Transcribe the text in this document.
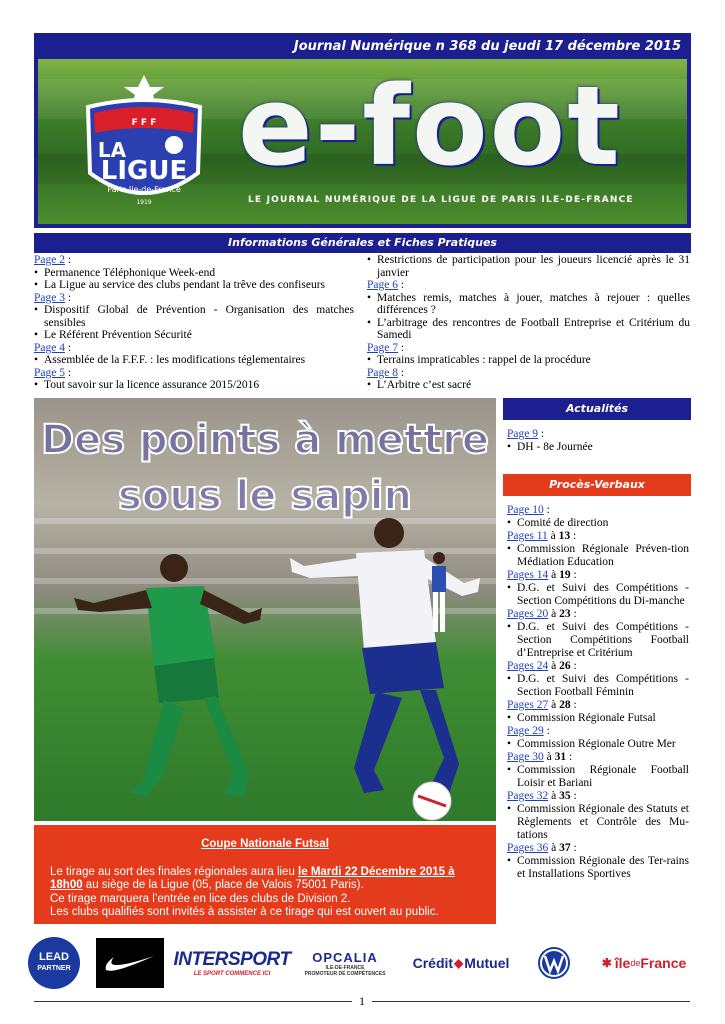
Journal Numérique n 368 du jeudi 17 décembre 2015
F F F
LA
LIGUE
Paris Ile-de-France
1919
e-foot
LE JOURNAL NUMÉRIQUE DE LA LIGUE DE PARIS ILE-DE-FRANCE
Informations Générales et Fiches Pratiques
Page 2 :
• Permanence Téléphonique Week-end
• La Ligue au service des clubs pendant la trêve des confiseurs
Page 3 :
• Dispositif Global de Prévention - Organisation des matches sensibles
• Le Référent Prévention Sécurité
Page 4 :
• Assemblée de la F.F.F. : les modifications téglementaires
Page 5 :
• Tout savoir sur la licence assurance 2015/2016
• Restrictions de participation pour les joueurs licencié après le 31 janvier
Page 6 :
• Matches remis, matches à jouer, matches à rejouer : quelles différences ?
• L’arbitrage des rencontres de Football Entreprise et Critérium du Samedi
Page 7 :
• Terrains impraticables : rappel de la procédure
Page 8 :
• L’Arbitre c’est sacré
Des points à mettre
sous le sapin
Coupe Nationale Futsal
Le tirage au sort des finales régionales aura lieu le Mardi 22 Décembre 2015 à 18h00 au siège de la Ligue (05, place de Valois 75001 Paris).
Ce tirage marquera l’entrée en lice des clubs de Division 2.
Les clubs qualifiés sont invités à assister à ce tirage qui est ouvert au public.
Actualités
Page 9 :
• DH - 8e Journée
Procès-Verbaux
Page 10 :
• Comité de direction
Pages 11 à 13 :
• Commission Régionale Préven-tion Médiation Education
Pages 14 à 19 :
• D.G. et Suivi des Compétitions - Section Compétitions du Di-manche
Pages 20 à 23 :
• D.G. et Suivi des Compétitions - Section Compétitions Football d’Entreprise et Critérium
Pages 24 à 26 :
• D.G. et Suivi des Compétitions - Section Football Féminin
Pages 27 à 28 :
• Commission Régionale Futsal
Page 29 :
• Commission Régionale Outre Mer
Page 30 à 31 :
• Commission Régionale Football Loisir et Bariani
Pages 32 à 35 :
• Commission Régionale des Statuts et Règlements et Contrôle des Mu-tations
Pages 36 à 37 :
• Commission Régionale des Ter-rains et Installations Sportives
LEAD
PARTNER	INTERSPORT
LE SPORT COMMENCE ICI
OPCALIA
ILE-DE-FRANCE
PROMOTEUR DE COMPÉTENCES
Crédit ◆ Mutuel	✱ île de France
1
